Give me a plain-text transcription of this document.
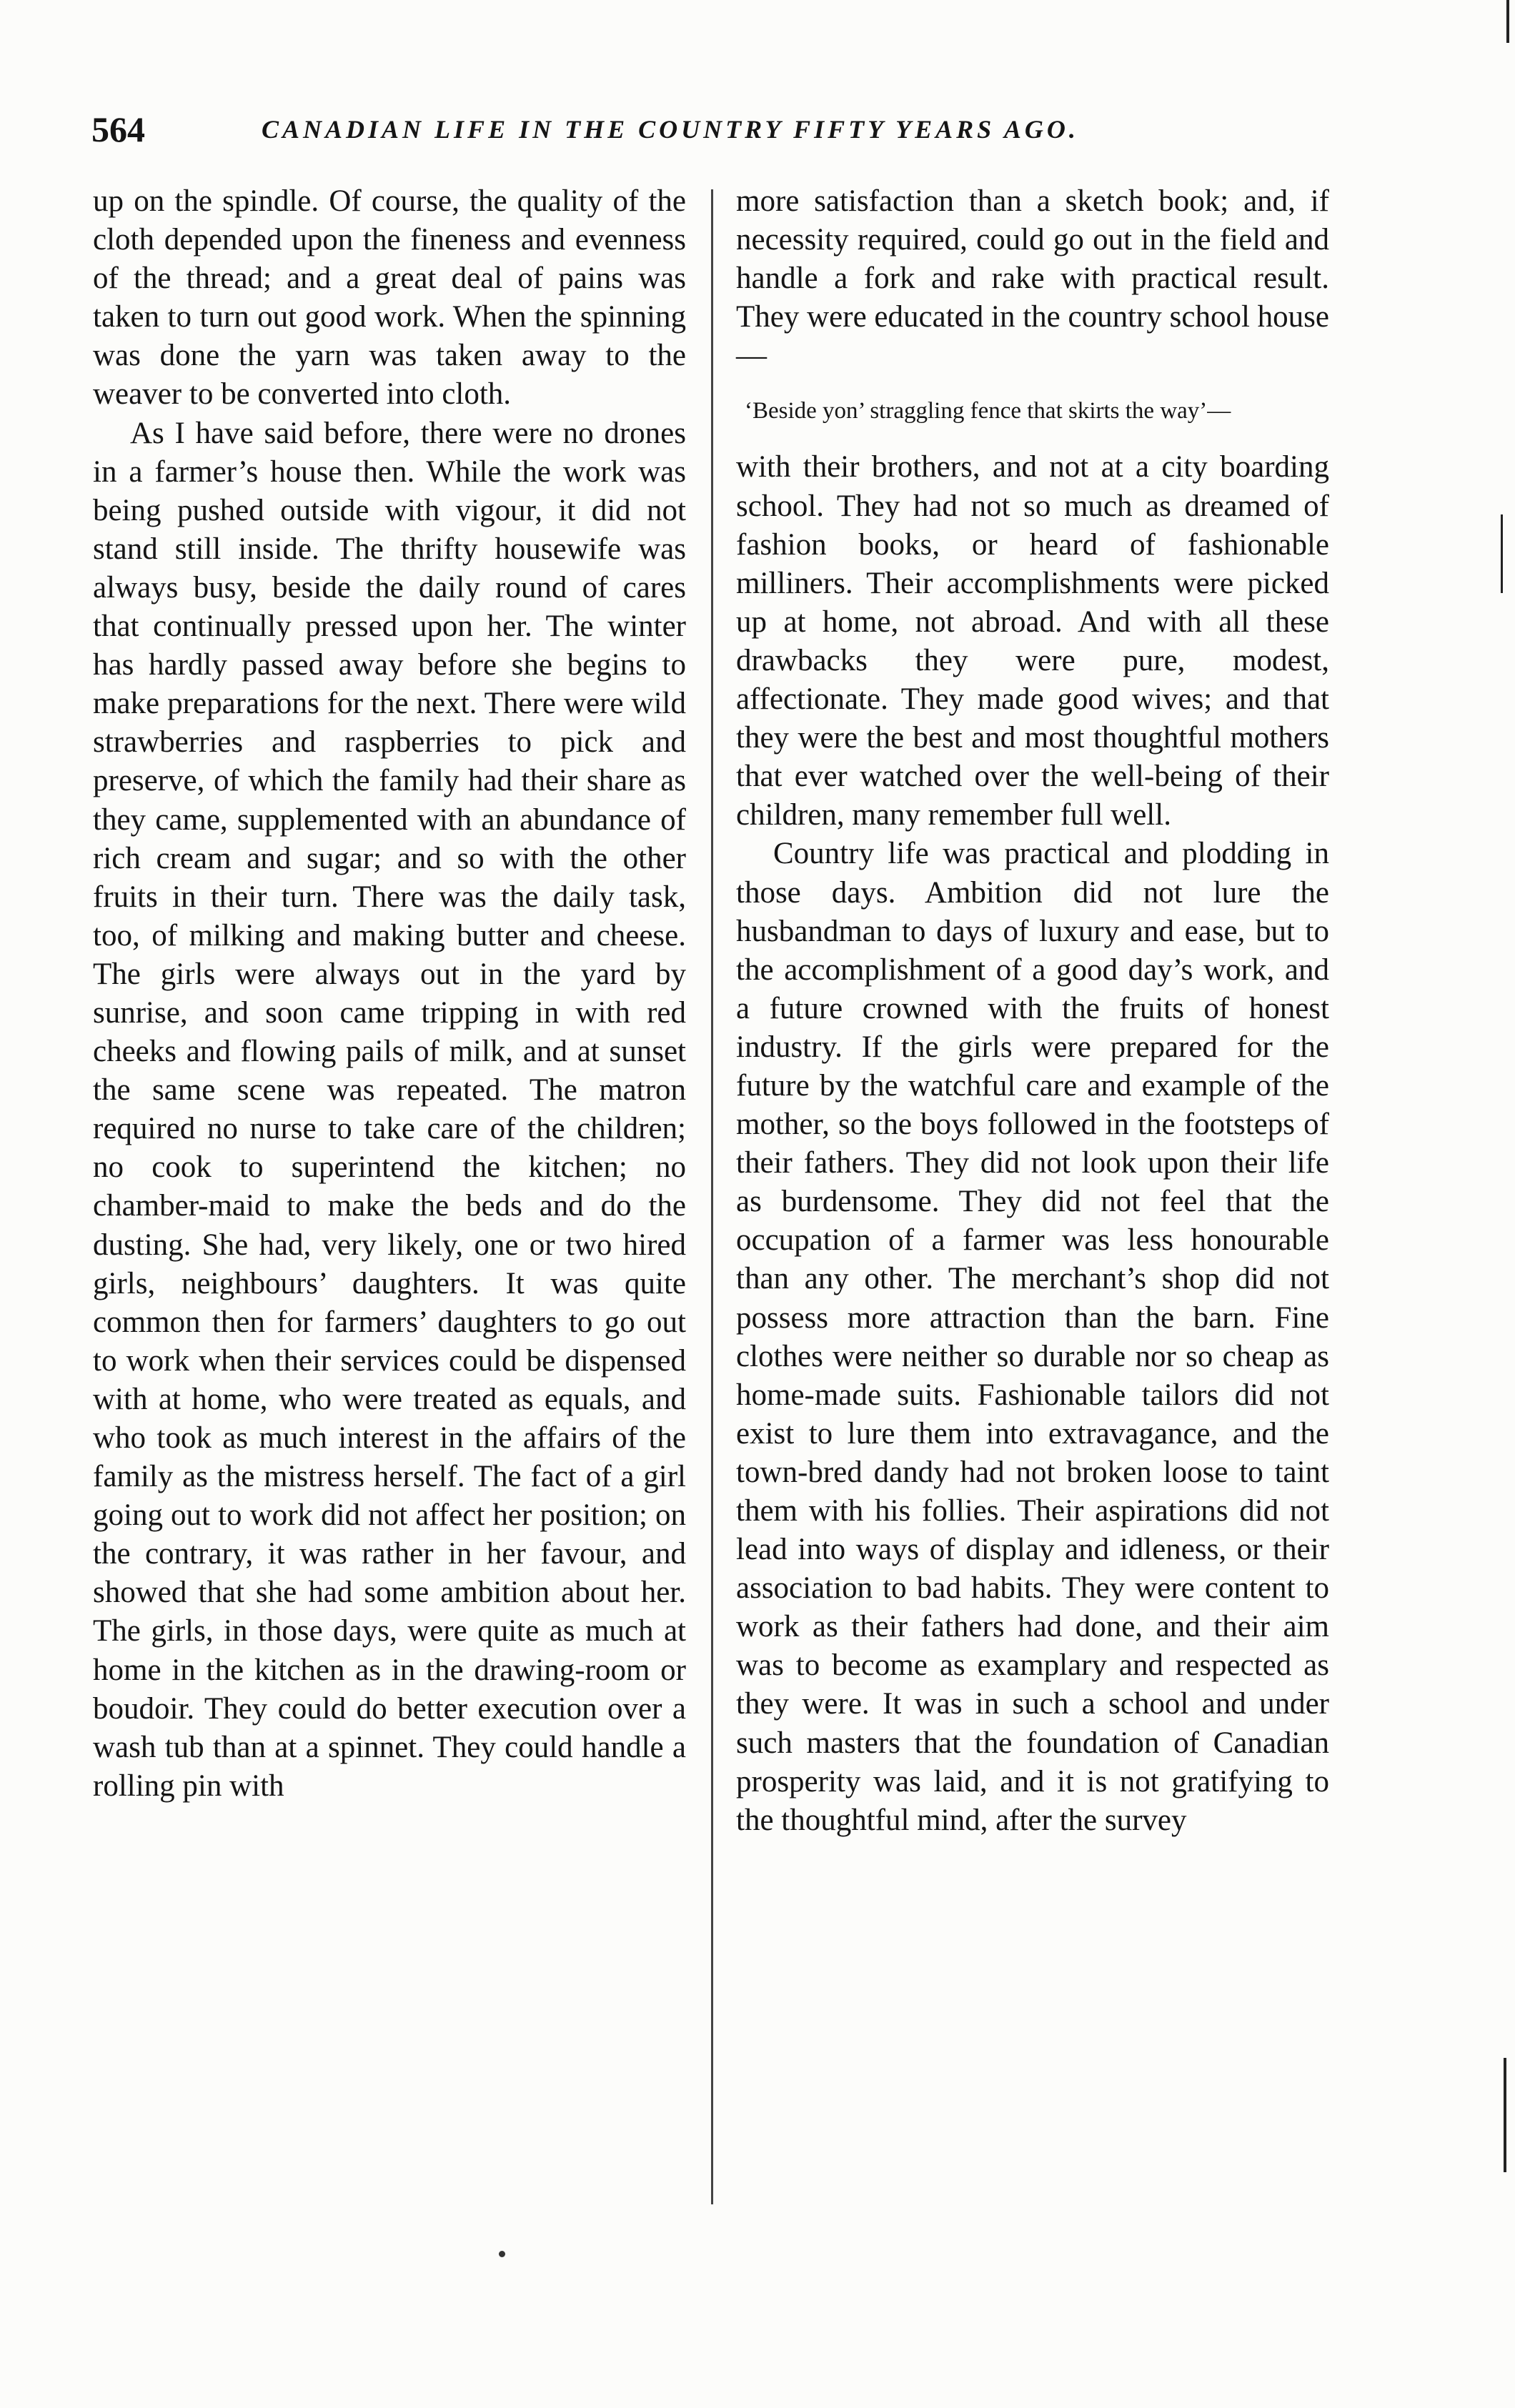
564	CANADIAN LIFE IN THE COUNTRY FIFTY YEARS AGO.

up on the spindle. Of course, the quality of the cloth depended upon the fineness and evenness of the thread; and a great deal of pains was taken to turn out good work. When the spinning was done the yarn was taken away to the weaver to be converted into cloth.

As I have said before, there were no drones in a farmer’s house then. While the work was being pushed outside with vigour, it did not stand still inside. The thrifty housewife was always busy, beside the daily round of cares that continually pressed upon her. The winter has hardly passed away before she begins to make preparations for the next. There were wild strawberries and raspberries to pick and preserve, of which the family had their share as they came, supplemented with an abundance of rich cream and sugar; and so with the other fruits in their turn. There was the daily task, too, of milking and making butter and cheese. The girls were always out in the yard by sunrise, and soon came tripping in with red cheeks and flowing pails of milk, and at sunset the same scene was repeated. The matron required no nurse to take care of the children; no cook to superintend the kitchen; no chamber-maid to make the beds and do the dusting. She had, very likely, one or two hired girls, neighbours’ daughters. It was quite common then for farmers’ daughters to go out to work when their services could be dispensed with at home, who were treated as equals, and who took as much interest in the affairs of the family as the mistress herself. The fact of a girl going out to work did not affect her position; on the contrary, it was rather in her favour, and showed that she had some ambition about her. The girls, in those days, were quite as much at home in the kitchen as in the drawing-room or boudoir. They could do better execution over a wash tub than at a spinnet. They could handle a rolling pin with

more satisfaction than a sketch book; and, if necessity required, could go out in the field and handle a fork and rake with practical result. They were educated in the country school house—

‘Beside yon’ straggling fence that skirts the way’—

with their brothers, and not at a city boarding school. They had not so much as dreamed of fashion books, or heard of fashionable milliners. Their accomplishments were picked up at home, not abroad. And with all these drawbacks they were pure, modest, affectionate. They made good wives; and that they were the best and most thoughtful mothers that ever watched over the well-being of their children, many remember full well.

Country life was practical and plodding in those days. Ambition did not lure the husbandman to days of luxury and ease, but to the accomplishment of a good day’s work, and a future crowned with the fruits of honest industry. If the girls were prepared for the future by the watchful care and example of the mother, so the boys followed in the footsteps of their fathers. They did not look upon their life as burdensome. They did not feel that the occupation of a farmer was less honourable than any other. The merchant’s shop did not possess more attraction than the barn. Fine clothes were neither so durable nor so cheap as home-made suits. Fashionable tailors did not exist to lure them into extravagance, and the town-bred dandy had not broken loose to taint them with his follies. Their aspirations did not lead into ways of display and idleness, or their association to bad habits. They were content to work as their fathers had done, and their aim was to become as examplary and respected as they were. It was in such a school and under such masters that the foundation of Canadian prosperity was laid, and it is not gratifying to the thoughtful mind, after the survey
